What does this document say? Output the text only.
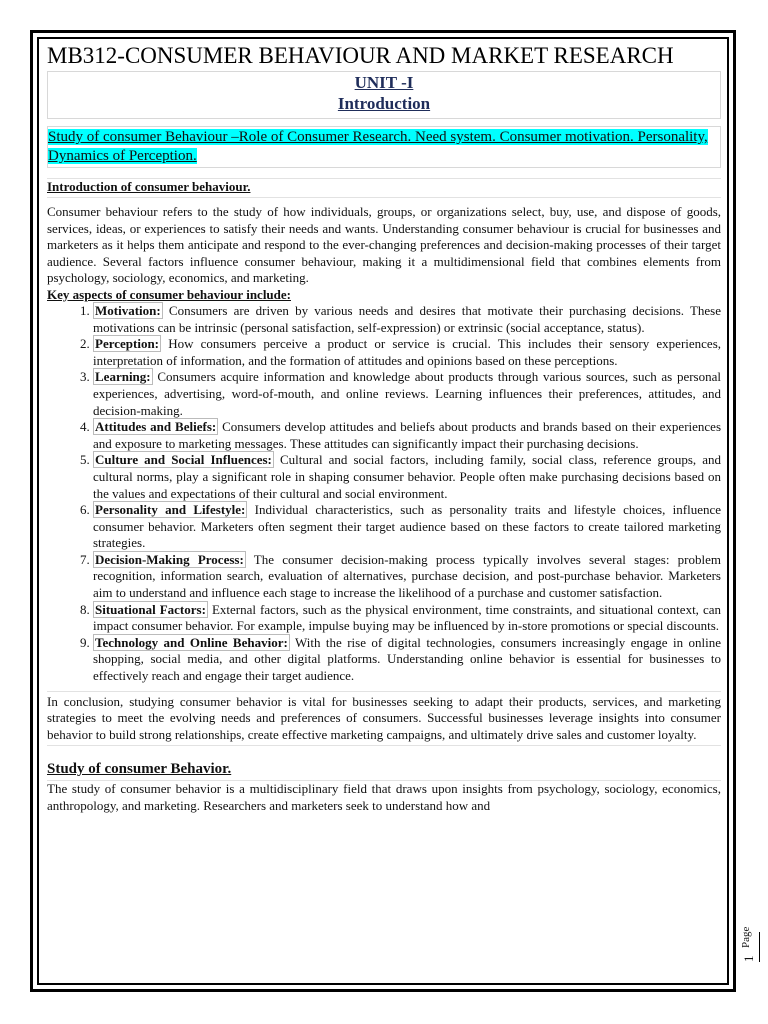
MB312-CONSUMER BEHAVIOUR AND MARKET RESEARCH
UNIT -I
Introduction
Study of consumer Behaviour –Role of Consumer Research. Need system. Consumer motivation. Personality, Dynamics of Perception.
Introduction of consumer behaviour.
Consumer behaviour refers to the study of how individuals, groups, or organizations select, buy, use, and dispose of goods, services, ideas, or experiences to satisfy their needs and wants. Understanding consumer behaviour is crucial for businesses and marketers as it helps them anticipate and respond to the ever-changing preferences and decision-making processes of their target audience. Several factors influence consumer behaviour, making it a multidimensional field that combines elements from psychology, sociology, economics, and marketing.
Key aspects of consumer behaviour include:
1. Motivation: Consumers are driven by various needs and desires that motivate their purchasing decisions. These motivations can be intrinsic (personal satisfaction, self-expression) or extrinsic (social acceptance, status).
2. Perception: How consumers perceive a product or service is crucial. This includes their sensory experiences, interpretation of information, and the formation of attitudes and opinions based on these perceptions.
3. Learning: Consumers acquire information and knowledge about products through various sources, such as personal experiences, advertising, word-of-mouth, and online reviews. Learning influences their preferences, attitudes, and decision-making.
4. Attitudes and Beliefs: Consumers develop attitudes and beliefs about products and brands based on their experiences and exposure to marketing messages. These attitudes can significantly impact their purchasing decisions.
5. Culture and Social Influences: Cultural and social factors, including family, social class, reference groups, and cultural norms, play a significant role in shaping consumer behavior. People often make purchasing decisions based on the values and expectations of their cultural and social environment.
6. Personality and Lifestyle: Individual characteristics, such as personality traits and lifestyle choices, influence consumer behavior. Marketers often segment their target audience based on these factors to create tailored marketing strategies.
7. Decision-Making Process: The consumer decision-making process typically involves several stages: problem recognition, information search, evaluation of alternatives, purchase decision, and post-purchase behavior. Marketers aim to understand and influence each stage to increase the likelihood of a purchase and customer satisfaction.
8. Situational Factors: External factors, such as the physical environment, time constraints, and situational context, can impact consumer behavior. For example, impulse buying may be influenced by in-store promotions or special discounts.
9. Technology and Online Behavior: With the rise of digital technologies, consumers increasingly engage in online shopping, social media, and other digital platforms. Understanding online behavior is essential for businesses to effectively reach and engage their target audience.
In conclusion, studying consumer behavior is vital for businesses seeking to adapt their products, services, and marketing strategies to meet the evolving needs and preferences of consumers. Successful businesses leverage insights into consumer behavior to build strong relationships, create effective marketing campaigns, and ultimately drive sales and customer loyalty.
Study of consumer Behavior.
The study of consumer behavior is a multidisciplinary field that draws upon insights from psychology, sociology, economics, anthropology, and marketing. Researchers and marketers seek to understand how and
1
Page
